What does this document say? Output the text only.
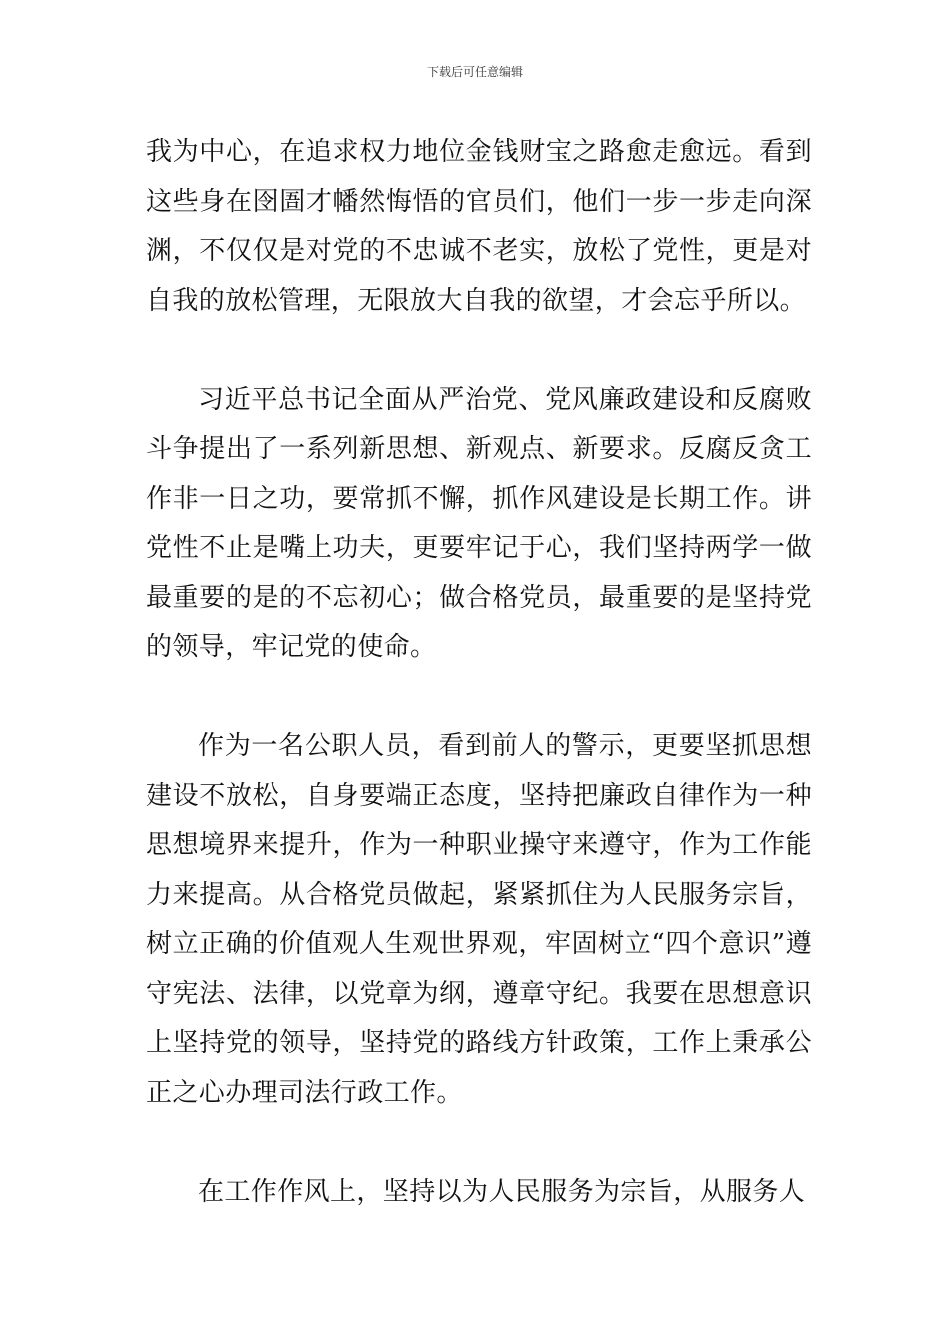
下载后可任意编辑

我为中心，在追求权力地位金钱财宝之路愈走愈远。看到这些身在囹圄才幡然悔悟的官员们，他们一步一步走向深渊，不仅仅是对党的不忠诚不老实，放松了党性，更是对自我的放松管理，无限放大自我的欲望，才会忘乎所以。

习近平总书记全面从严治党、党风廉政建设和反腐败斗争提出了一系列新思想、新观点、新要求。反腐反贪工作非一日之功，要常抓不懈，抓作风建设是长期工作。讲党性不止是嘴上功夫，更要牢记于心，我们坚持两学一做最重要的是的不忘初心；做合格党员，最重要的是坚持党的领导，牢记党的使命。

作为一名公职人员，看到前人的警示，更要坚抓思想建设不放松，自身要端正态度，坚持把廉政自律作为一种思想境界来提升，作为一种职业操守来遵守，作为工作能力来提高。从合格党员做起，紧紧抓住为人民服务宗旨，树立正确的价值观人生观世界观，牢固树立“四个意识”遵守宪法、法律，以党章为纲，遵章守纪。我要在思想意识上坚持党的领导，坚持党的路线方针政策，工作上秉承公正之心办理司法行政工作。

在工作作风上，坚持以为人民服务为宗旨，从服务人
